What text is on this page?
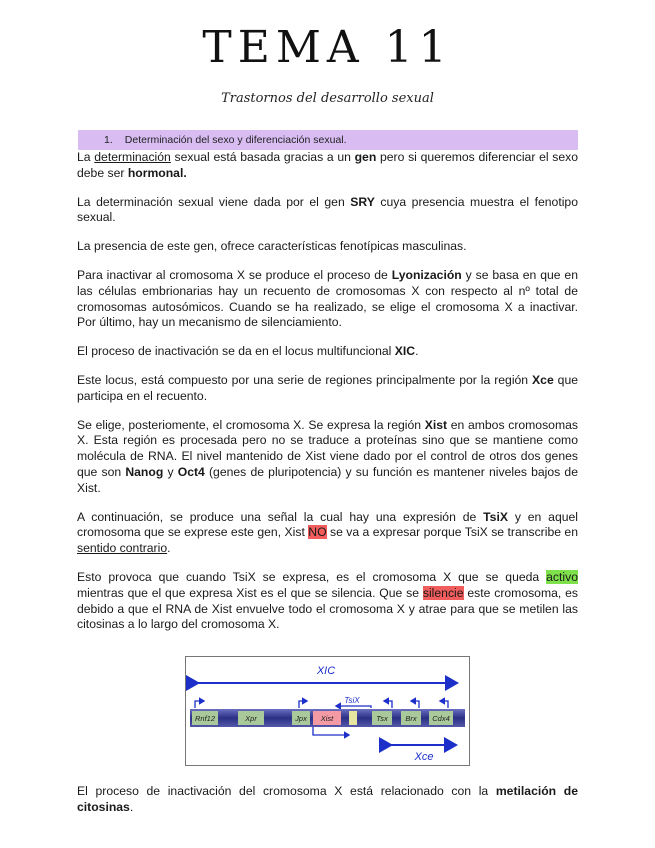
TEMA 11
Trastornos del desarrollo sexual
1. Determinación del sexo y diferenciación sexual.

La determinación sexual está basada gracias a un gen pero si queremos diferenciar el sexo debe ser hormonal.

La determinación sexual viene dada por el gen SRY cuya presencia muestra el fenotipo sexual.

La presencia de este gen, ofrece características fenotípicas masculinas.

Para inactivar al cromosoma X se produce el proceso de Lyonización y se basa en que en las células embrionarias hay un recuento de cromosomas X con respecto al nº total de cromosomas autosómicos. Cuando se ha realizado, se elige el cromosoma X a inactivar. Por último, hay un mecanismo de silenciamiento.

El proceso de inactivación se da en el locus multifuncional XIC.

Este locus, está compuesto por una serie de regiones principalmente por la región Xce que participa en el recuento.

Se elige, posteriomente, el cromosoma X. Se expresa la región Xist en ambos cromosomas X. Esta región es procesada pero no se traduce a proteínas sino que se mantiene como molécula de RNA. El nivel mantenido de Xist viene dado por el control de otros dos genes que son Nanog y Oct4 (genes de pluripotencia) y su función es mantener niveles bajos de Xist.

A continuación, se produce una señal la cual hay una expresión de TsiX y en aquel cromosoma que se exprese este gen, Xist NO se va a expresar porque TsiX se transcribe en sentido contrario.

Esto provoca que cuando TsiX se expresa, es el cromosoma X que se queda activo mientras que el que expresa Xist es el que se silencia. Que se silencie este cromosoma, es debido a que el RNA de Xist envuelve todo el cromosoma X y atrae para que se metilen las citosinas a lo largo del cromosoma X.

XIC
TsiX
Rnf12	Xpr	Jpx Xist	Tsx Brx Cdx4
Xce

El proceso de inactivación del cromosoma X está relacionado con la metilación de citosinas.
